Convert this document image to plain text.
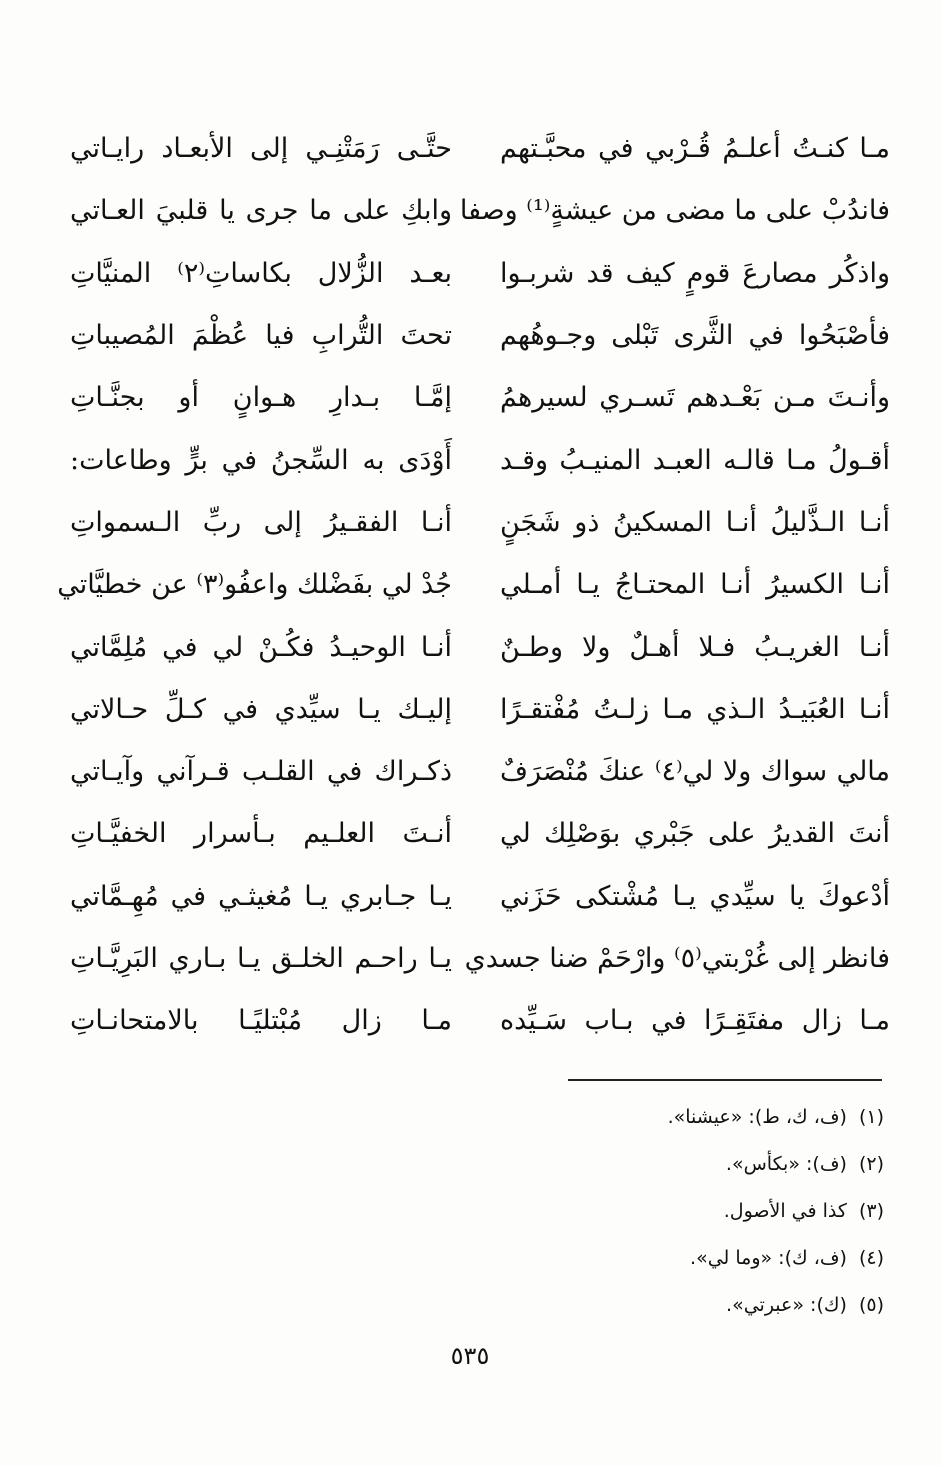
مـا كنـتُ أعلـمُ قُـرْبي في محبَّـتهم
حتَّـى رَمَتْنِـي إلى الأبعـاد رايـاتي
فاندُبْ على ما مضى من عيشةٍ⁽¹⁾ وصفا
وابكِ على ما جرى يا قلبيَ العـاتي
واذكُر مصارعَ قومٍ كيف قد شربـوا
بعـد الزُّلال بكاساتِ⁽٢⁾ المنيَّاتِ
فأصْبَحُوا في الثَّرى تَبْلى وجـوهُهم
تحتَ التُّرابِ فيا عُظْمَ المُصيباتِ
وأنـتَ مـن بَعْـدهم تَسـري لسيرهمُ
إمَّـا بـدارِ هـوانٍ أو بجنَّـاتِ
أقـولُ مـا قالـه العبـد المنيـبُ وقـد
أَوْدَى به السِّجنُ في برٍّ وطاعات:
أنـا الـذَّليلُ أنـا المسكينُ ذو شَجَنٍ
أنـا الفقـيرُ إلى ربِّ الـسمواتِ
أنـا الكسيرُ أنـا المحتـاجُ يـا أمـلي
جُدْ لي بفَضْلك واعفُو⁽٣⁾ عن خطيَّاتي
أنـا الغريـبُ فـلا أهـلٌ ولا وطـنٌ
أنـا الوحيـدُ فكُـنْ لي في مُلِمَّاتي
أنـا العُبَيـدُ الـذي مـا زلـتُ مُفْتقـرًا
إليـك يـا سيِّدي في كـلِّ حـالاتي
مالي سواك ولا لي⁽٤⁾ عنكَ مُنْصَرَفٌ
ذكـراك في القلـب قـرآني وآيـاتي
أنتَ القديرُ على جَبْري بوَصْلِك لي
أنـتَ العلـيم بـأسرار الخفيَّـاتِ
أدْعوكَ يا سيِّدي يـا مُشْتكى حَزَني
يـا جـابري يـا مُغيثـي في مُهِـمَّاتي
فانظر إلى غُرْبتي⁽٥⁾ وارْحَمْ ضنا جسدي
يـا راحـم الخلـق يـا بـاري البَرِيَّـاتِ
مـا زال مفتَقِـرًا في بـاب سَـيِّده
مـا زال مُبْتليًـا بالامتحانـاتِ
(١)(ف، ك، ط): «عيشنا».
(٢)(ف): «بكأس».
(٣)كذا في الأصول.
(٤)(ف، ك): «وما لي».
(٥)(ك): «عبرتي».
٥٣٥
